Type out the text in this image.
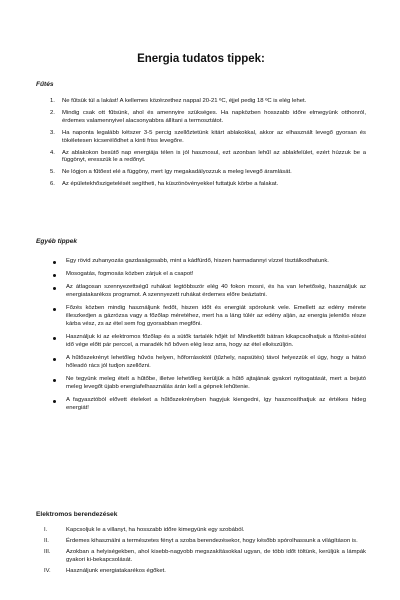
Energia tudatos tippek:
Fűtés
1. Ne fűtsük túl a lakást! A kellemes közérzethez nappal 20-21 ºC, éjjel pedig 18 ºC is elég lehet.
2. Mindig csak ott fűtsünk, ahol és amennyire szükséges. Ha napközben hosszabb időre elmegyünk otthonról, érdemes valamennyivel alacsonyabbra állítani a termosztátot.
3. Ha naponta legalább kétszer 3-5 percig szellőztetünk kitárt ablakokkal, akkor az elhasznált levegő gyorsan és tökéletesen kicserélődhet a kinti friss levegőre.
4. Az ablakokon besütő nap energiája télen is jól hasznosul, ezt azonban lehűl az ablakfelület, ezért húzzuk be a függönyt, eresszük le a redőnyt.
5. Ne lógjon a fűtőest elé a függöny, mert így megakadályozzuk a meleg levegő áramlását.
6. Az épületekhőszigetelését segítheti, ha küszönövényekkel futtatjuk körbe a falakat.
Egyéb tippek
Egy rövid zuhanyozás gazdaságosabb, mint a kádfürdő, hiszen harmadannyi vízzel tisztálkodhatunk.
Mosogatás, fogmosás közben zárjuk el a csapot!
Az átlagosan szennyezettségű ruhákat legtöbbször elég 40 fokon mosni, és ha van lehetőség, használjuk az energiatakarékos programot. A szennyezett ruhákat érdemes előre beáztatni.
Főzés közben mindig használjunk fedőt, hiszen időt és energiát spórolunk vele. Emellett az edény mérete illeszkedjen a gázrózsa vagy a főzőlap méretéhez, mert ha a láng túlér az edény alján, az energia jelentős része kárba vész, zs az étel sem fog gyorsabban megfőni.
Használjuk ki az elektromos főzőlap és a sütők tartalék hőjét is! Mindkettőt bátran kikapcsolhatjuk a főzési-sütési idő vége előtt pár perccel, a maradék hő bőven elég lesz arra, hogy az étel elkészüljön.
A hűtőszekrényt lehetőleg hűvös helyen, hőforrásoktól (tűzhely, napsütés) távol helyezzük el úgy, hogy a hátsó hőleadó rács jól tudjon szellőzni.
Ne tegyünk meleg ételt a hűtőbe, illetve lehetőleg kerüljük a hűtő ajtajának gyakori nyitogatását, mert a bejutó meleg levegőt újabb energiafelhasználás árán kell a gépnek lehűtenie.
A fagyasztóból elővett ételeket a hűtőszekrényben hagyjuk kiengedni, így hasznosíthatjuk az értékes hideg energiát!
Elektromos berendezések
I.	Kapcsoljuk le a villanyt, ha hosszabb időre kimegyünk egy szobából.
II.	Érdemes kihasználni a természetes fényt a szoba berendezésekor, hogy később spórolhassunk a világításon is.
III.	Azokban a helyiségekben, ahol kisebb-nagyobb megszakításokkal ugyan, de több időt töltünk, kerüljük a lámpák gyakori ki-bekapcsolását.
IV.	Használjunk energiatakarékos égőket.
